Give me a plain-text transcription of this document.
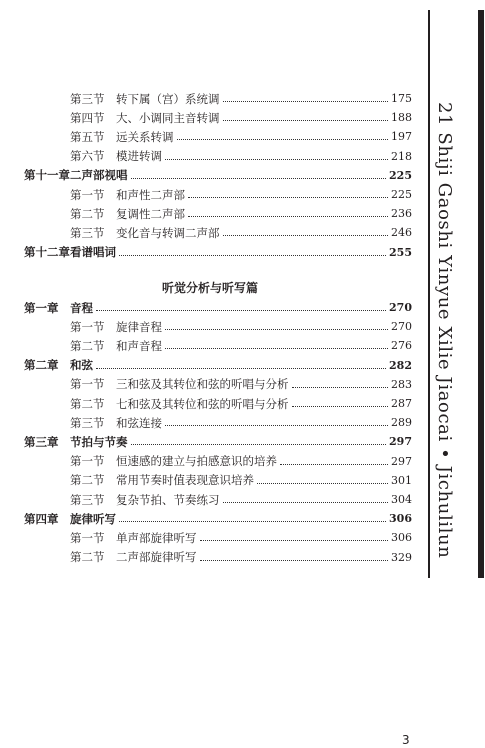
第三节 转下属（宫）系统调	175
第四节 大、小调同主音转调	188
第五节 远关系转调	197
第六节 模进转调	218
第十一章二声部视唱	225
第一节 和声性二声部	225
第二节 复调性二声部	236
第三节 变化音与转调二声部	246
第十二章看谱唱词	255
第一章 音程	270
第一节 旋律音程	270
第二节 和声音程	276
第二章 和弦	282
第一节 三和弦及其转位和弦的听唱与分析	283
第二节 七和弦及其转位和弦的听唱与分析	287
第三节 和弦连接	289
第三章 节拍与节奏	297
第一节 恒速感的建立与拍感意识的培养	297
第二节 常用节奏时值表现意识培养	301
第三节 复杂节拍、节奏练习	304
第四章 旋律听写	306
第一节 单声部旋律听写	306
第二节 二声部旋律听写	329
听觉分析与听写篇	21 Shiji Gaoshi Yinyue Xilie Jiaocai • Jichulilun
3
